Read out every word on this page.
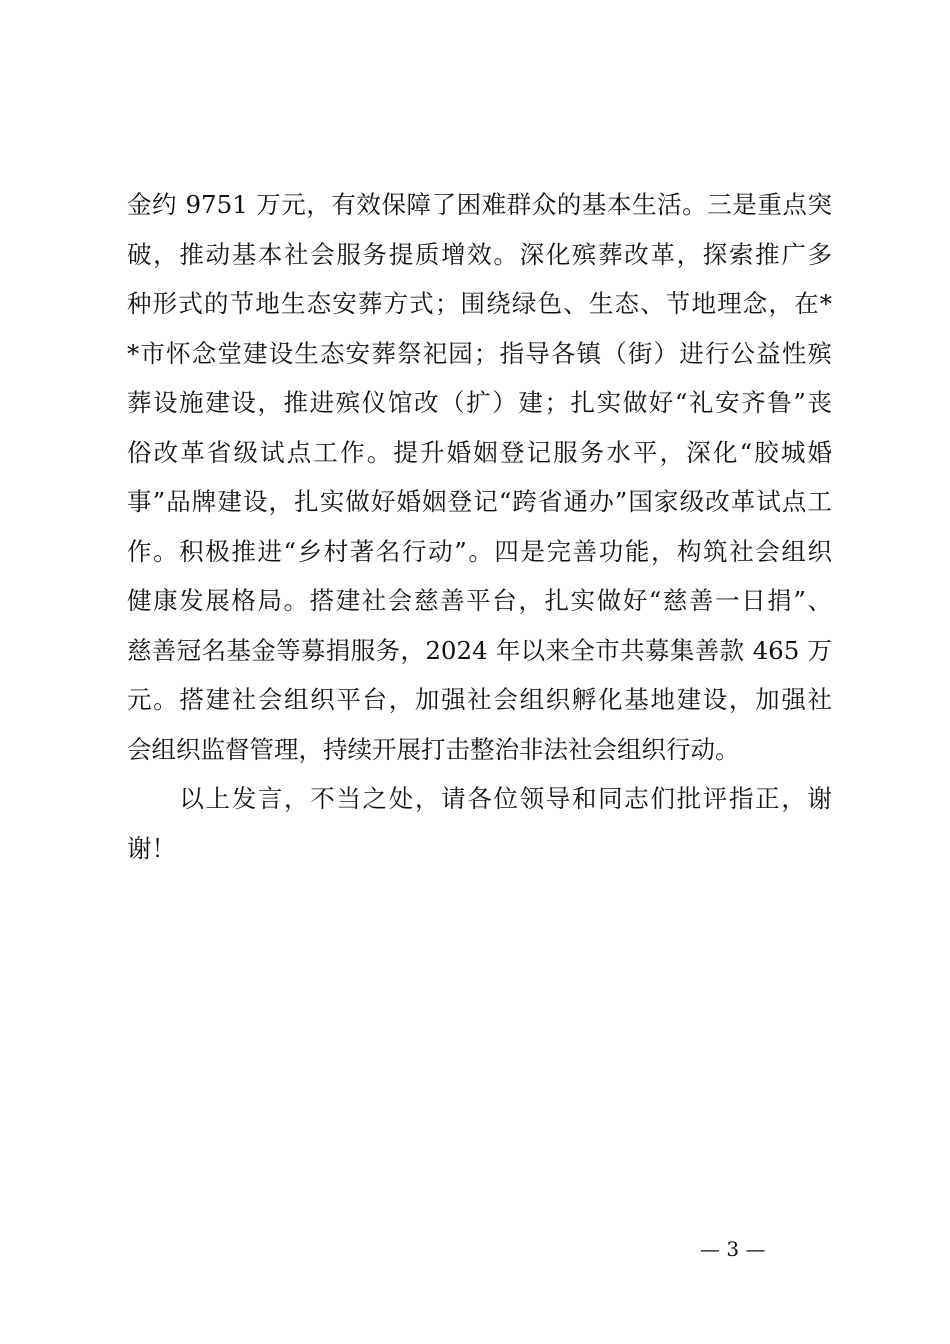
金约 9751 万元，有效保障了困难群众的基本生活。三是重点突
破，推动基本社会服务提质增效。深化殡葬改革，探索推广多
种形式的节地生态安葬方式；围绕绿色、生态、节地理念，在*
*市怀念堂建设生态安葬祭祀园；指导各镇（街）进行公益性殡
葬设施建设，推进殡仪馆改（扩）建；扎实做好“礼安齐鲁”丧
俗改革省级试点工作。提升婚姻登记服务水平，深化“胶城婚
事”品牌建设，扎实做好婚姻登记“跨省通办”国家级改革试点工
作。积极推进“乡村著名行动”。四是完善功能，构筑社会组织
健康发展格局。搭建社会慈善平台，扎实做好“慈善一日捐”、
慈善冠名基金等募捐服务，2024 年以来全市共募集善款 465 万
元。搭建社会组织平台，加强社会组织孵化基地建设，加强社
会组织监督管理，持续开展打击整治非法社会组织行动。
　　以上发言，不当之处，请各位领导和同志们批评指正，谢
谢！
— 3 —
